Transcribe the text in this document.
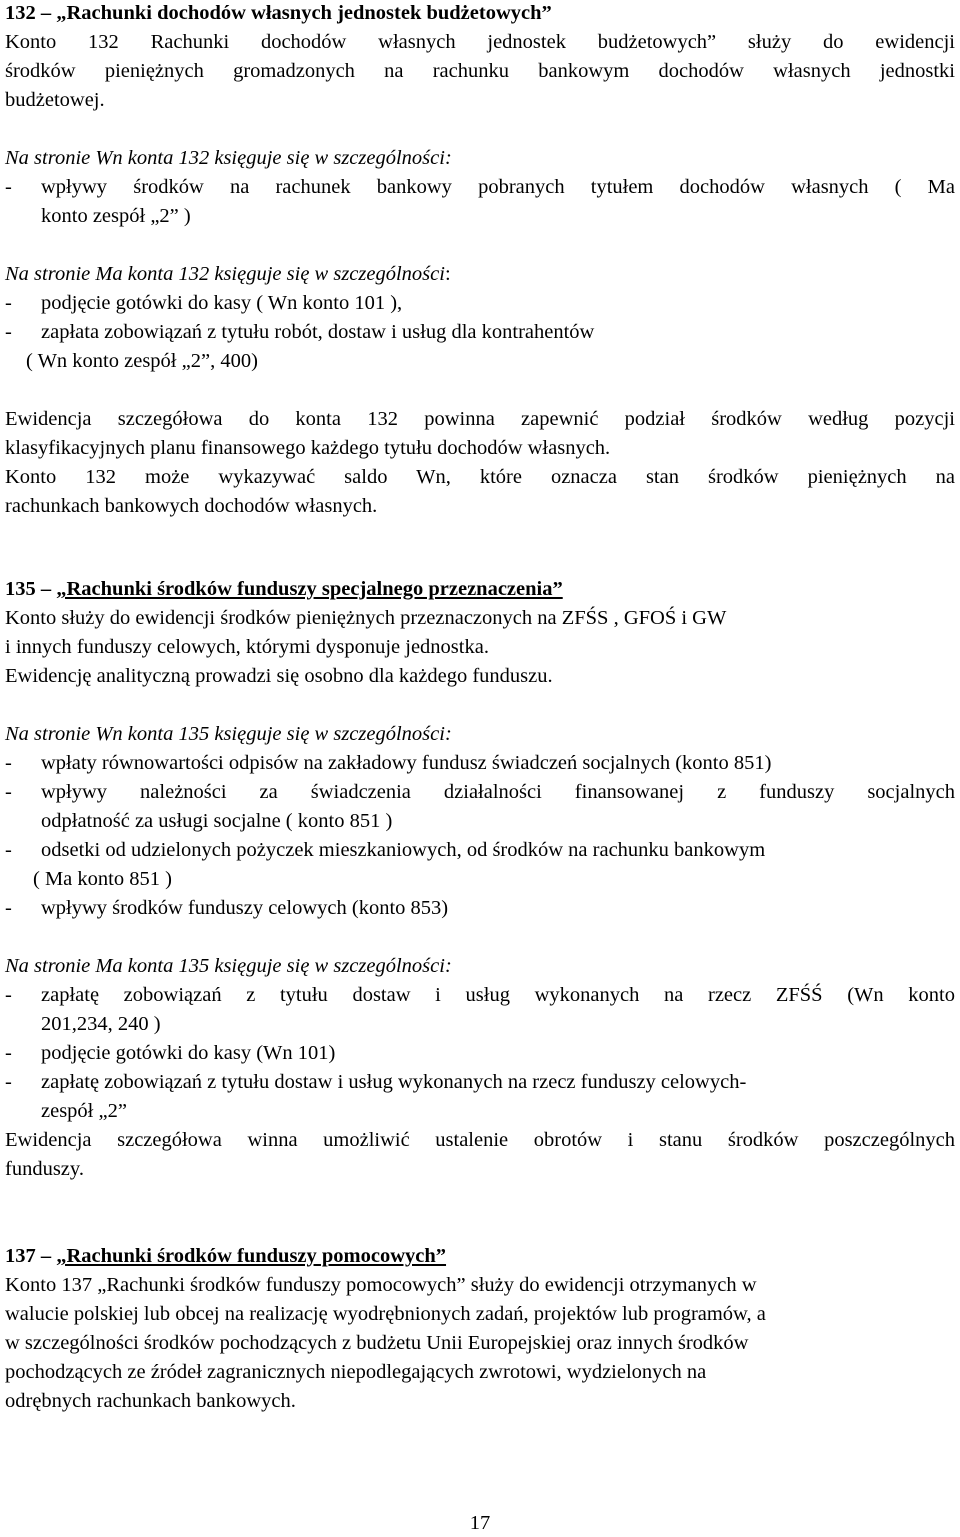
132 – „Rachunki dochodów własnych jednostek budżetowych”
Konto 132 Rachunki dochodów własnych jednostek budżetowych” służy do ewidencji
środków pieniężnych gromadzonych na rachunku bankowym dochodów własnych jednostki
budżetowej.
Na stronie Wn konta 132 księguje się w szczególności:
- wpływy środków na rachunek bankowy pobranych tytułem dochodów własnych ( Ma
konto zespół „2” )
Na stronie Ma konta 132 księguje się w szczególności:
- podjęcie gotówki do kasy ( Wn konto 101 ),
- zapłata zobowiązań z tytułu robót, dostaw i usług dla kontrahentów
( Wn konto zespół „2”, 400)
Ewidencja szczegółowa do konta 132 powinna zapewnić podział środków według pozycji
klasyfikacyjnych planu finansowego każdego tytułu dochodów własnych.
Konto 132 może wykazywać saldo Wn, które oznacza stan środków pieniężnych na
rachunkach bankowych dochodów własnych.
135 – „Rachunki środków funduszy specjalnego przeznaczenia”
Konto służy do ewidencji środków pieniężnych przeznaczonych na ZFŚS , GFOŚ i GW
i innych funduszy celowych, którymi dysponuje jednostka.
Ewidencję analityczną prowadzi się osobno dla każdego funduszu.
Na stronie Wn konta 135 księguje się w szczególności:
- wpłaty równowartości odpisów na zakładowy fundusz świadczeń socjalnych (konto 851)
- wpływy należności za świadczenia działalności finansowanej z funduszy socjalnych
odpłatność za usługi socjalne ( konto 851 )
- odsetki od udzielonych pożyczek mieszkaniowych, od środków na rachunku bankowym
( Ma konto 851 )
- wpływy środków funduszy celowych (konto 853)
Na stronie Ma konta 135 księguje się w szczególności:
- zapłatę zobowiązań z tytułu dostaw i usług wykonanych na rzecz ZFŚŚ (Wn konto
201,234, 240 )
- podjęcie gotówki do kasy (Wn 101)
- zapłatę zobowiązań z tytułu dostaw i usług wykonanych na rzecz funduszy celowych-
zespół „2”
Ewidencja szczegółowa winna umożliwić ustalenie obrotów i stanu środków poszczególnych
funduszy.
137 – „Rachunki środków funduszy pomocowych”
Konto 137 „Rachunki środków funduszy pomocowych” służy do ewidencji otrzymanych w
walucie polskiej lub obcej na realizację wyodrębnionych zadań, projektów lub programów, a
w szczególności środków pochodzących z budżetu Unii Europejskiej oraz innych środków
pochodzących ze źródeł zagranicznych niepodlegających zwrotowi, wydzielonych na
odrębnych rachunkach bankowych.
17
